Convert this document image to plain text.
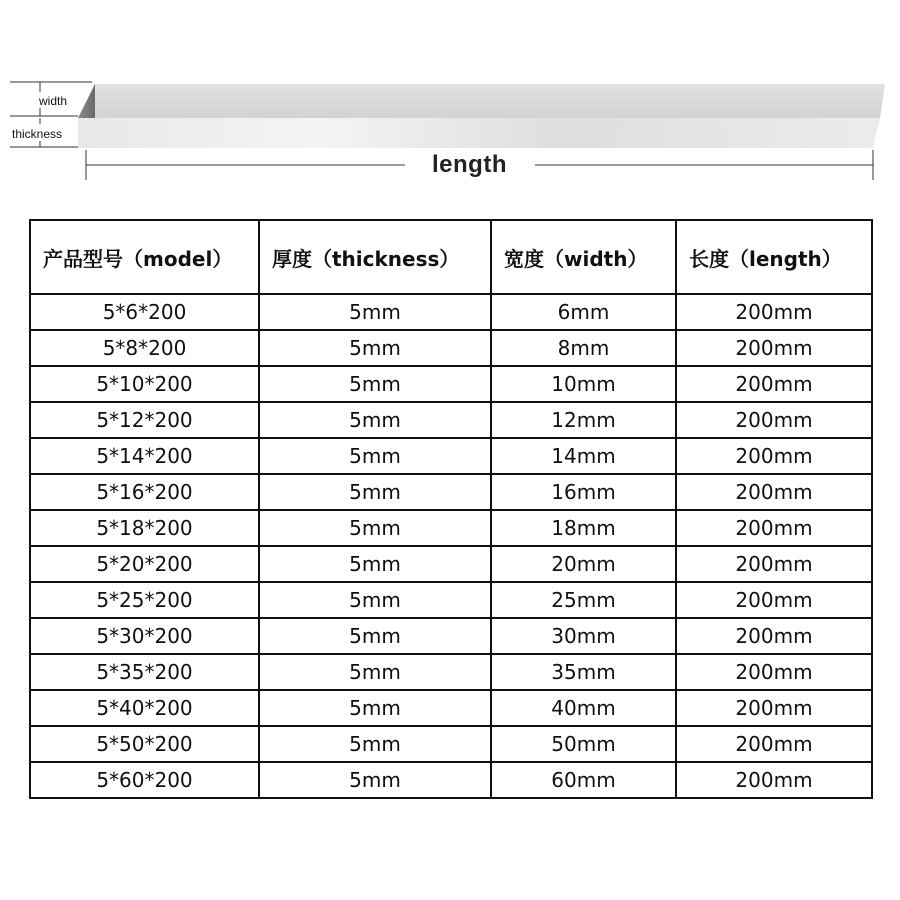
width
thickness
length
产品型号（model）	厚度（thickness）	宽度（width）	长度（length）
5*6*200	5mm	6mm	200mm
5*8*200	5mm	8mm	200mm
5*10*200	5mm	10mm	200mm
5*12*200	5mm	12mm	200mm
5*14*200	5mm	14mm	200mm
5*16*200	5mm	16mm	200mm
5*18*200	5mm	18mm	200mm
5*20*200	5mm	20mm	200mm
5*25*200	5mm	25mm	200mm
5*30*200	5mm	30mm	200mm
5*35*200	5mm	35mm	200mm
5*40*200	5mm	40mm	200mm
5*50*200	5mm	50mm	200mm
5*60*200	5mm	60mm	200mm
